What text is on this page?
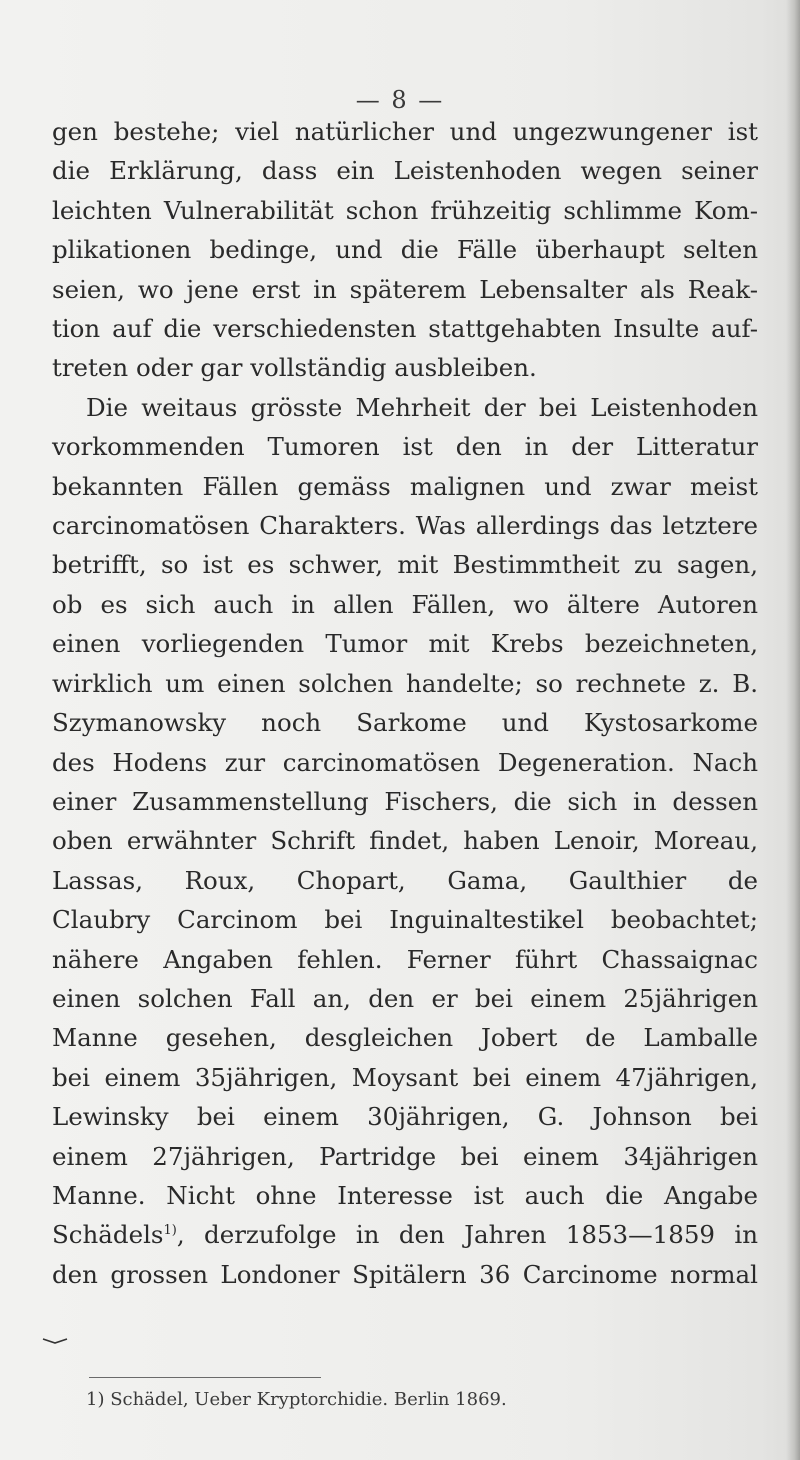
— 8 —
gen bestehe; viel natürlicher und ungezwungener ist
die Erklärung, dass ein Leistenhoden wegen seiner
leichten Vulnerabilität schon frühzeitig schlimme Kom-
plikationen bedinge, und die Fälle überhaupt selten
seien, wo jene erst in späterem Lebensalter als Reak-
tion auf die verschiedensten stattgehabten Insulte auf-
treten oder gar vollständig ausbleiben.
Die weitaus grösste Mehrheit der bei Leistenhoden
vorkommenden Tumoren ist den in der Litteratur
bekannten Fällen gemäss malignen und zwar meist
carcinomatösen Charakters. Was allerdings das letztere
betrifft, so ist es schwer, mit Bestimmtheit zu sagen,
ob es sich auch in allen Fällen, wo ältere Autoren
einen vorliegenden Tumor mit Krebs bezeichneten,
wirklich um einen solchen handelte; so rechnete z. B.
Szymanowsky noch Sarkome und Kystosarkome
des Hodens zur carcinomatösen Degeneration. Nach
einer Zusammenstellung Fischers, die sich in dessen
oben erwähnter Schrift findet, haben Lenoir, Moreau,
Lassas, Roux, Chopart, Gama, Gaulthier de
Claubry Carcinom bei Inguinaltestikel beobachtet;
nähere Angaben fehlen. Ferner führt Chassaignac
einen solchen Fall an, den er bei einem 25jährigen
Manne gesehen, desgleichen Jobert de Lamballe
bei einem 35jährigen, Moysant bei einem 47jährigen,
Lewinsky bei einem 30jährigen, G. Johnson bei
einem 27jährigen, Partridge bei einem 34jährigen
Manne. Nicht ohne Interesse ist auch die Angabe
Schädels$^{1)}$, derzufolge in den Jahren 1853—1859 in
den grossen Londoner Spitälern 36 Carcinome normal
1) Schädel, Ueber Kryptorchidie. Berlin 1869.
